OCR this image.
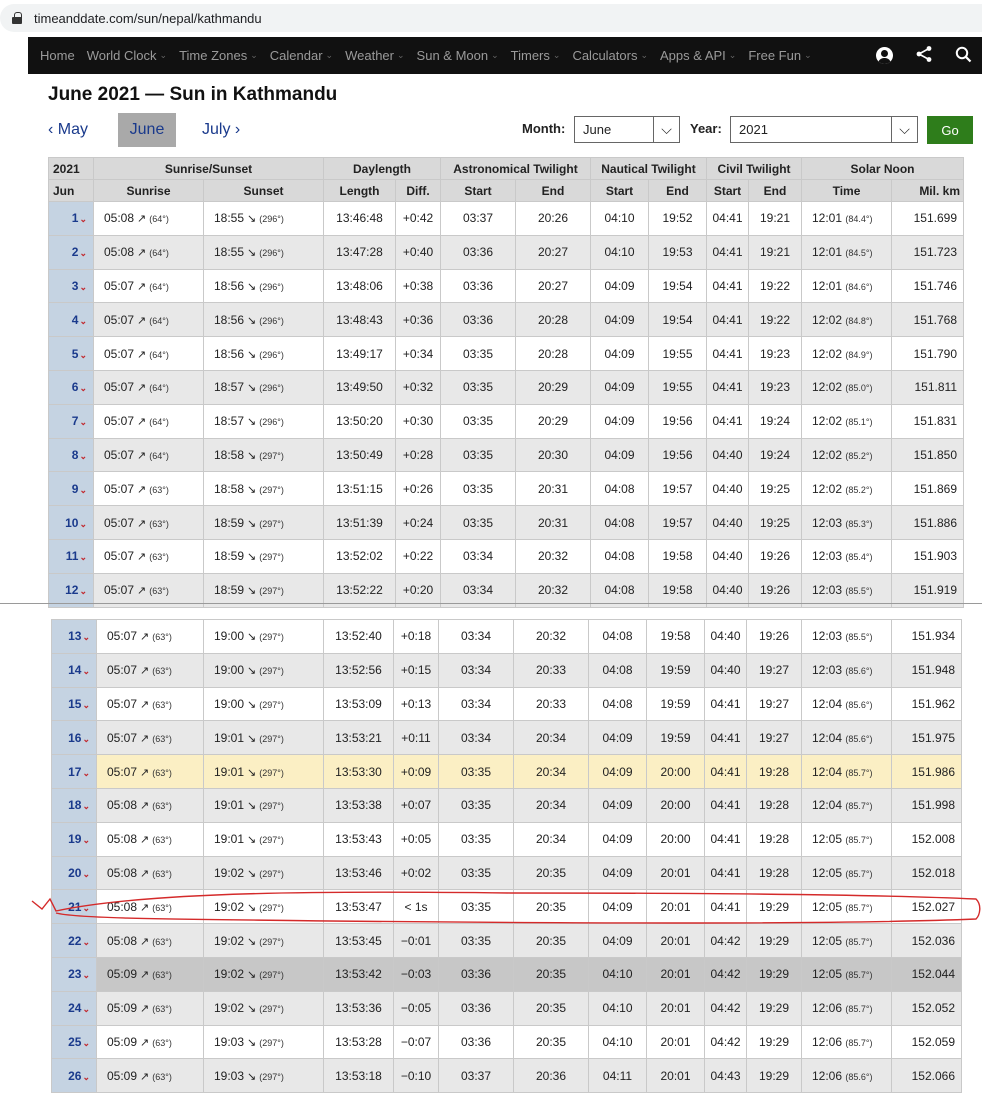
timeanddate.com/sun/nepal/kathmandu
Home World Clock ⌄ Time Zones ⌄ Calendar ⌄ Weather ⌄ Sun & Moon ⌄ Timers ⌄ Calculators ⌄ Apps & API ⌄ Free Fun ⌄
June 2021 — Sun in Kathmandu
‹ May	June	July ›	Month: June	⌵	Year: 2021	⌵	Go
2021	Sunrise/Sunset		Daylength		Astronomical Twilight		Nautical Twilight		Civil Twilight		Solar Noon	
Jun	Sunrise	Sunset	Length	Diff.	Start	End	Start	End	Start	End	Time	Mil. km
1⌄	05:08 ↗ (64°)	18:55 ↘ (296°)	13:46:48	+0:42	03:37	20:26	04:10	19:52	04:41	19:21	12:01 (84.4°)	151.699
2⌄	05:08 ↗ (64°)	18:55 ↘ (296°)	13:47:28	+0:40	03:36	20:27	04:10	19:53	04:41	19:21	12:01 (84.5°)	151.723
3⌄	05:07 ↗ (64°)	18:56 ↘ (296°)	13:48:06	+0:38	03:36	20:27	04:09	19:54	04:41	19:22	12:01 (84.6°)	151.746
4⌄	05:07 ↗ (64°)	18:56 ↘ (296°)	13:48:43	+0:36	03:36	20:28	04:09	19:54	04:41	19:22	12:02 (84.8°)	151.768
5⌄	05:07 ↗ (64°)	18:56 ↘ (296°)	13:49:17	+0:34	03:35	20:28	04:09	19:55	04:41	19:23	12:02 (84.9°)	151.790
6⌄	05:07 ↗ (64°)	18:57 ↘ (296°)	13:49:50	+0:32	03:35	20:29	04:09	19:55	04:41	19:23	12:02 (85.0°)	151.811
7⌄	05:07 ↗ (64°)	18:57 ↘ (296°)	13:50:20	+0:30	03:35	20:29	04:09	19:56	04:41	19:24	12:02 (85.1°)	151.831
8⌄	05:07 ↗ (64°)	18:58 ↘ (297°)	13:50:49	+0:28	03:35	20:30	04:09	19:56	04:40	19:24	12:02 (85.2°)	151.850
9⌄	05:07 ↗ (63°)	18:58 ↘ (297°)	13:51:15	+0:26	03:35	20:31	04:08	19:57	04:40	19:25	12:02 (85.2°)	151.869
10⌄	05:07 ↗ (63°)	18:59 ↘ (297°)	13:51:39	+0:24	03:35	20:31	04:08	19:57	04:40	19:25	12:03 (85.3°)	151.886
11⌄	05:07 ↗ (63°)	18:59 ↘ (297°)	13:52:02	+0:22	03:34	20:32	04:08	19:58	04:40	19:26	12:03 (85.4°)	151.903
12⌄	05:07 ↗ (63°)	18:59 ↘ (297°)	13:52:22	+0:20	03:34	20:32	04:08	19:58	04:40	19:26	12:03 (85.5°)	151.919
13⌄	05:07 ↗ (63°)	19:00 ↘ (297°)	13:52:40	+0:18	03:34	20:32	04:08	19:58	04:40	19:26	12:03 (85.5°)	151.934
14⌄	05:07 ↗ (63°)	19:00 ↘ (297°)	13:52:56	+0:15	03:34	20:33	04:08	19:59	04:40	19:27	12:03 (85.6°)	151.948
15⌄	05:07 ↗ (63°)	19:00 ↘ (297°)	13:53:09	+0:13	03:34	20:33	04:08	19:59	04:41	19:27	12:04 (85.6°)	151.962
16⌄	05:07 ↗ (63°)	19:01 ↘ (297°)	13:53:21	+0:11	03:34	20:34	04:09	19:59	04:41	19:27	12:04 (85.6°)	151.975
17⌄	05:07 ↗ (63°)	19:01 ↘ (297°)	13:53:30	+0:09	03:35	20:34	04:09	20:00	04:41	19:28	12:04 (85.7°)	151.986
18⌄	05:08 ↗ (63°)	19:01 ↘ (297°)	13:53:38	+0:07	03:35	20:34	04:09	20:00	04:41	19:28	12:04 (85.7°)	151.998
19⌄	05:08 ↗ (63°)	19:01 ↘ (297°)	13:53:43	+0:05	03:35	20:34	04:09	20:00	04:41	19:28	12:05 (85.7°)	152.008
20⌄	05:08 ↗ (63°)	19:02 ↘ (297°)	13:53:46	+0:02	03:35	20:35	04:09	20:01	04:41	19:28	12:05 (85.7°)	152.018
21⌄	05:08 ↗ (63°)	19:02 ↘ (297°)	13:53:47	< 1s	03:35	20:35	04:09	20:01	04:41	19:29	12:05 (85.7°)	152.027
22⌄	05:08 ↗ (63°)	19:02 ↘ (297°)	13:53:45	−0:01	03:35	20:35	04:09	20:01	04:42	19:29	12:05 (85.7°)	152.036
23⌄	05:09 ↗ (63°)	19:02 ↘ (297°)	13:53:42	−0:03	03:36	20:35	04:10	20:01	04:42	19:29	12:05 (85.7°)	152.044
24⌄	05:09 ↗ (63°)	19:02 ↘ (297°)	13:53:36	−0:05	03:36	20:35	04:10	20:01	04:42	19:29	12:06 (85.7°)	152.052
25⌄	05:09 ↗ (63°)	19:03 ↘ (297°)	13:53:28	−0:07	03:36	20:35	04:10	20:01	04:42	19:29	12:06 (85.7°)	152.059
26⌄	05:09 ↗ (63°)	19:03 ↘ (297°)	13:53:18	−0:10	03:37	20:36	04:11	20:01	04:43	19:29	12:06 (85.6°)	152.066
